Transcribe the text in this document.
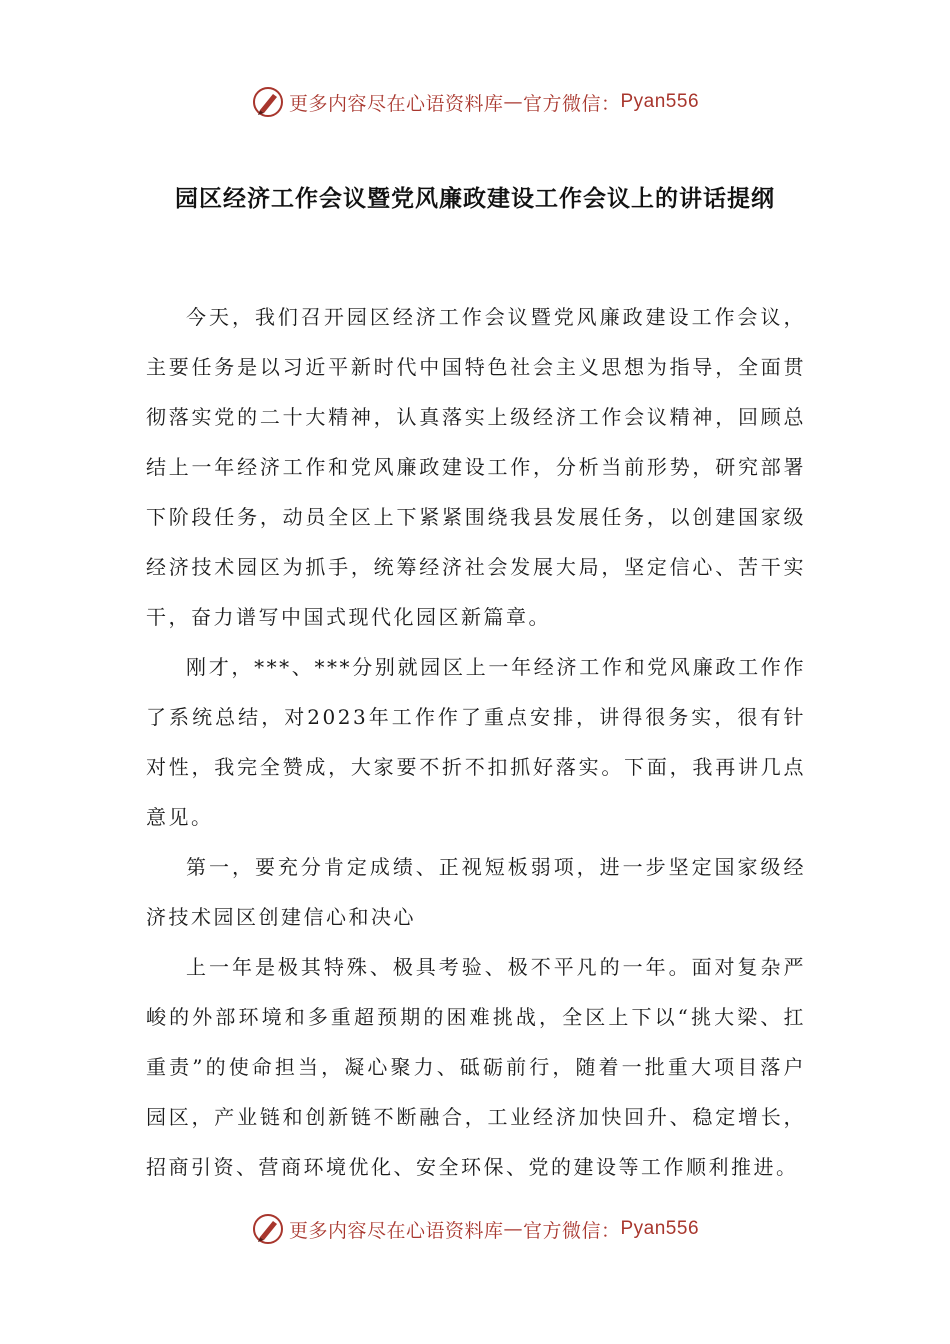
更多内容尽在心语资料库 — 官方微信： Pyan556
园区经济工作会议暨党风廉政建设工作会议上的讲话提纲

今天，我们召开园区经济工作会议暨党风廉政建设工作会议，主要任务是以习近平新时代中国特色社会主义思想为指导，全面贯彻落实党的二十大精神，认真落实上级经济工作会议精神，回顾总结上一年经济工作和党风廉政建设工作，分析当前形势，研究部署下阶段任务，动员全区上下紧紧围绕我县发展任务，以创建国家级经济技术园区为抓手，统筹经济社会发展大局，坚定信心、苦干实干，奋力谱写中国式现代化园区新篇章。

刚才，***、***分别就园区上一年经济工作和党风廉政工作作了系统总结，对2023年工作作了重点安排，讲得很务实，很有针对性，我完全赞成，大家要不折不扣抓好落实。下面，我再讲几点意见。

第一，要充分肯定成绩、正视短板弱项，进一步坚定国家级经济技术园区创建信心和决心

上一年是极其特殊、极具考验、极不平凡的一年。面对复杂严峻的外部环境和多重超预期的困难挑战，全区上下以“挑大梁、扛重责”的使命担当，凝心聚力、砥砺前行，随着一批重大项目落户园区，产业链和创新链不断融合，工业经济加快回升、稳定增长，招商引资、营商环境优化、安全环保、党的建设等工作顺利推进。

更多内容尽在心语资料库 — 官方微信： Pyan556
